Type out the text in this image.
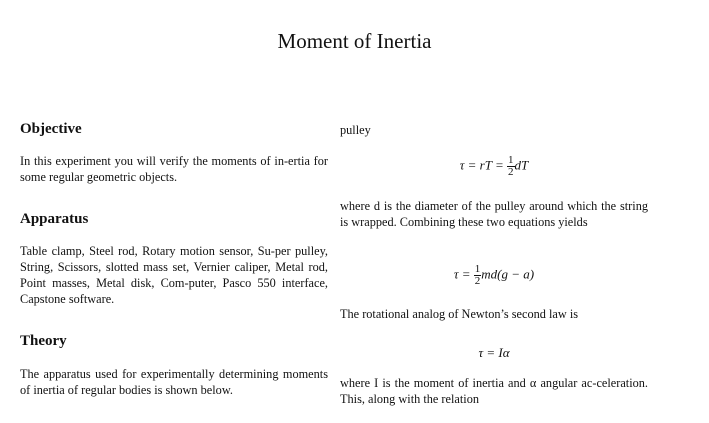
Moment of Inertia
Objective
In this experiment you will verify the moments of in-ertia for some regular geometric objects.
Apparatus
Table clamp, Steel rod, Rotary motion sensor, Su-per pulley, String, Scissors, slotted mass set, Vernier caliper, Metal rod, Point masses, Metal disk, Com-puter, Pasco 550 interface, Capstone software.
Theory
The apparatus used for experimentally determining moments of inertia of regular bodies is shown below.
pulley
τ = rT = $\frac{1}{2}$ dT
where d is the diameter of the pulley around which the string is wrapped. Combining these two equations yields
$\tau = \frac{1}{2} md(g - a)$
The rotational analog of Newton’s second law is
τ = Iα
where I is the moment of inertia and α angular ac-celeration. This, along with the relation
